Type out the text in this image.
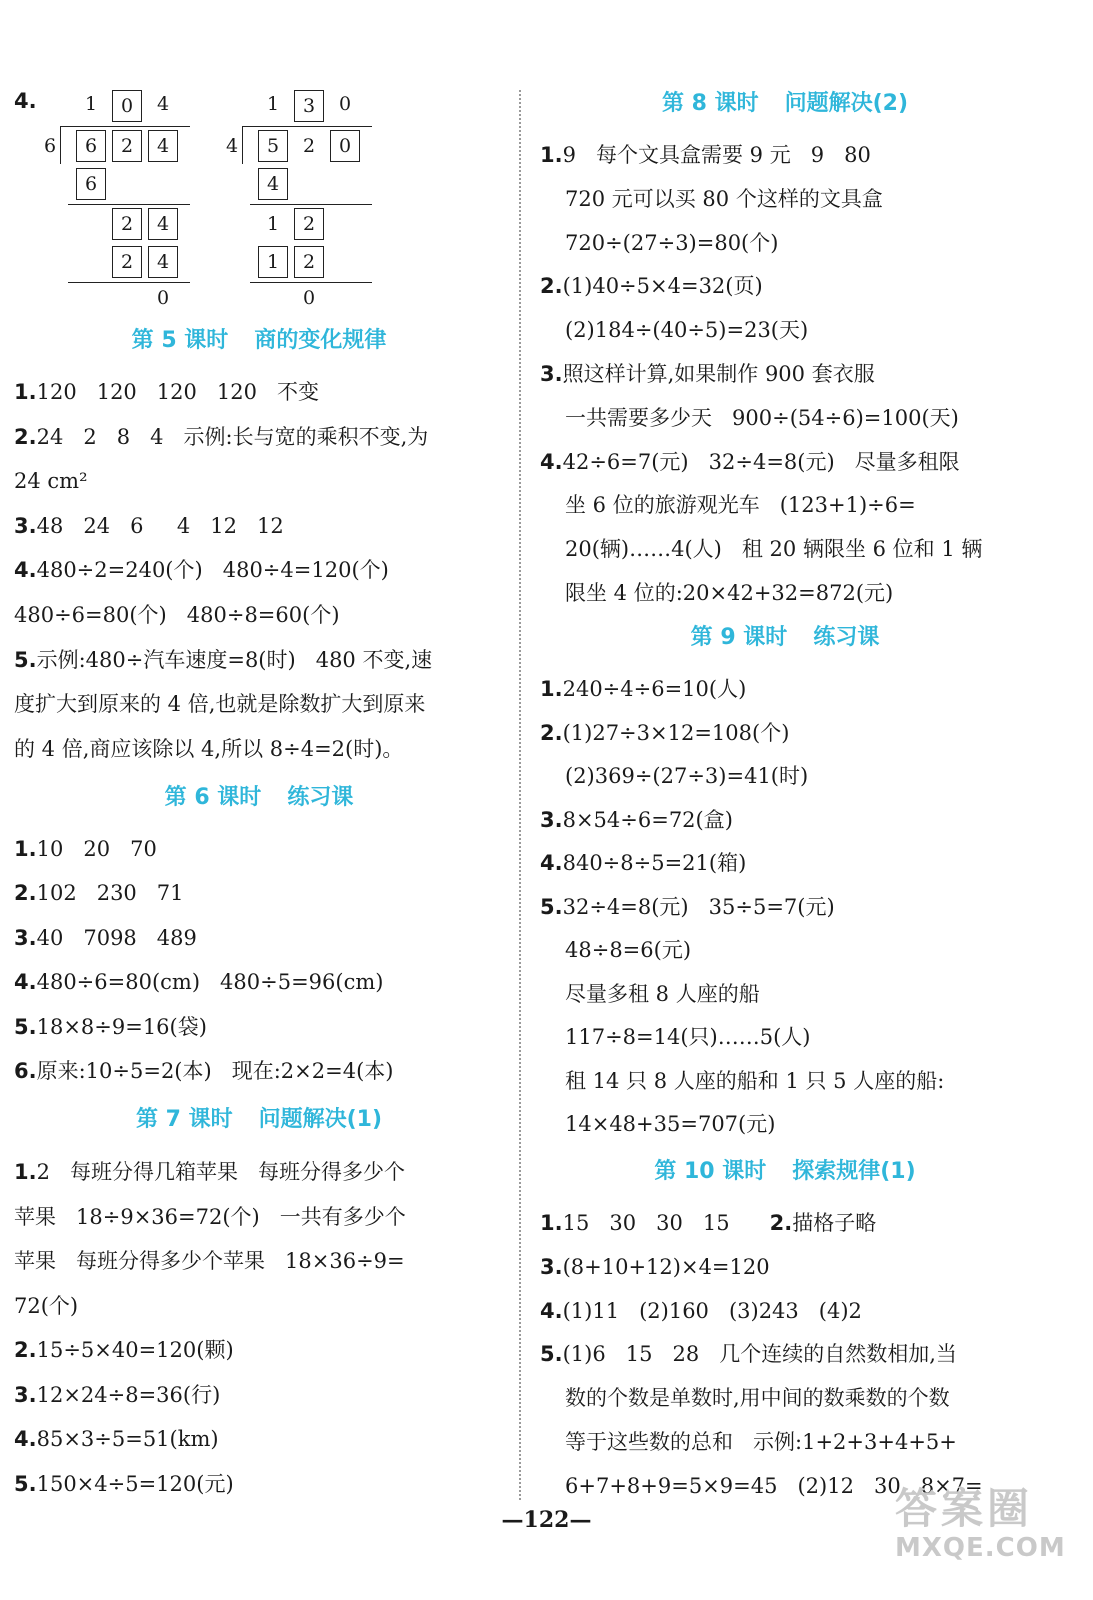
4.	1	0	4
6	6	2	4
6
2	4
2	4
0
1	3	0
4	5	2	0
4
1	2
1	2
0
第 5 课时 商的变化规律
1.120   120   120   120   不变
2.24   2   8   4   示例:长与宽的乘积不变,为
24 cm²
3.48   24   6     4   12   12
4.480÷2=240(个)   480÷4=120(个)
480÷6=80(个)   480÷8=60(个)
5.示例:480÷汽车速度=8(时)   480 不变,速
度扩大到原来的 4 倍,也就是除数扩大到原来
的 4 倍,商应该除以 4,所以 8÷4=2(时)。
第 6 课时 练习课
1.10   20   70
2.102   230   71
3.40   7098   489
4.480÷6=80(cm)   480÷5=96(cm)
5.18×8÷9=16(袋)
6.原来:10÷5=2(本)   现在:2×2=4(本)
第 7 课时 问题解决(1)
1.2   每班分得几箱苹果   每班分得多少个
苹果   18÷9×36=72(个)   一共有多少个
苹果   每班分得多少个苹果   18×36÷9=
72(个)
2.15÷5×40=120(颗)
3.12×24÷8=36(行)
4.85×3÷5=51(km)
5.150×4÷5=120(元)
第 8 课时 问题解决(2)
1.9   每个文具盒需要 9 元   9   80
720 元可以买 80 个这样的文具盒
720÷(27÷3)=80(个)
2.(1)40÷5×4=32(页)
(2)184÷(40÷5)=23(天)
3.照这样计算,如果制作 900 套衣服
一共需要多少天   900÷(54÷6)=100(天)
4.42÷6=7(元)   32÷4=8(元)   尽量多租限
坐 6 位的旅游观光车   (123+1)÷6=
20(辆)……4(人)   租 20 辆限坐 6 位和 1 辆
限坐 4 位的:20×42+32=872(元)
第 9 课时 练习课
1.240÷4÷6=10(人)
2.(1)27÷3×12=108(个)
(2)369÷(27÷3)=41(时)
3.8×54÷6=72(盒)
4.840÷8÷5=21(箱)
5.32÷4=8(元)   35÷5=7(元)
48÷8=6(元)
尽量多租 8 人座的船
117÷8=14(只)……5(人)
租 14 只 8 人座的船和 1 只 5 人座的船:
14×48+35=707(元)
第 10 课时 探索规律(1)
1.15   30   30   15      2.描格子略
3.(8+10+12)×4=120
4.(1)11   (2)160   (3)243   (4)2
5.(1)6   15   28   几个连续的自然数相加,当
数的个数是单数时,用中间的数乘数的个数
等于这些数的总和   示例:1+2+3+4+5+
6+7+8+9=5×9=45   (2)12   30   8×7=
—122—	答案圈
MXQE.COM
